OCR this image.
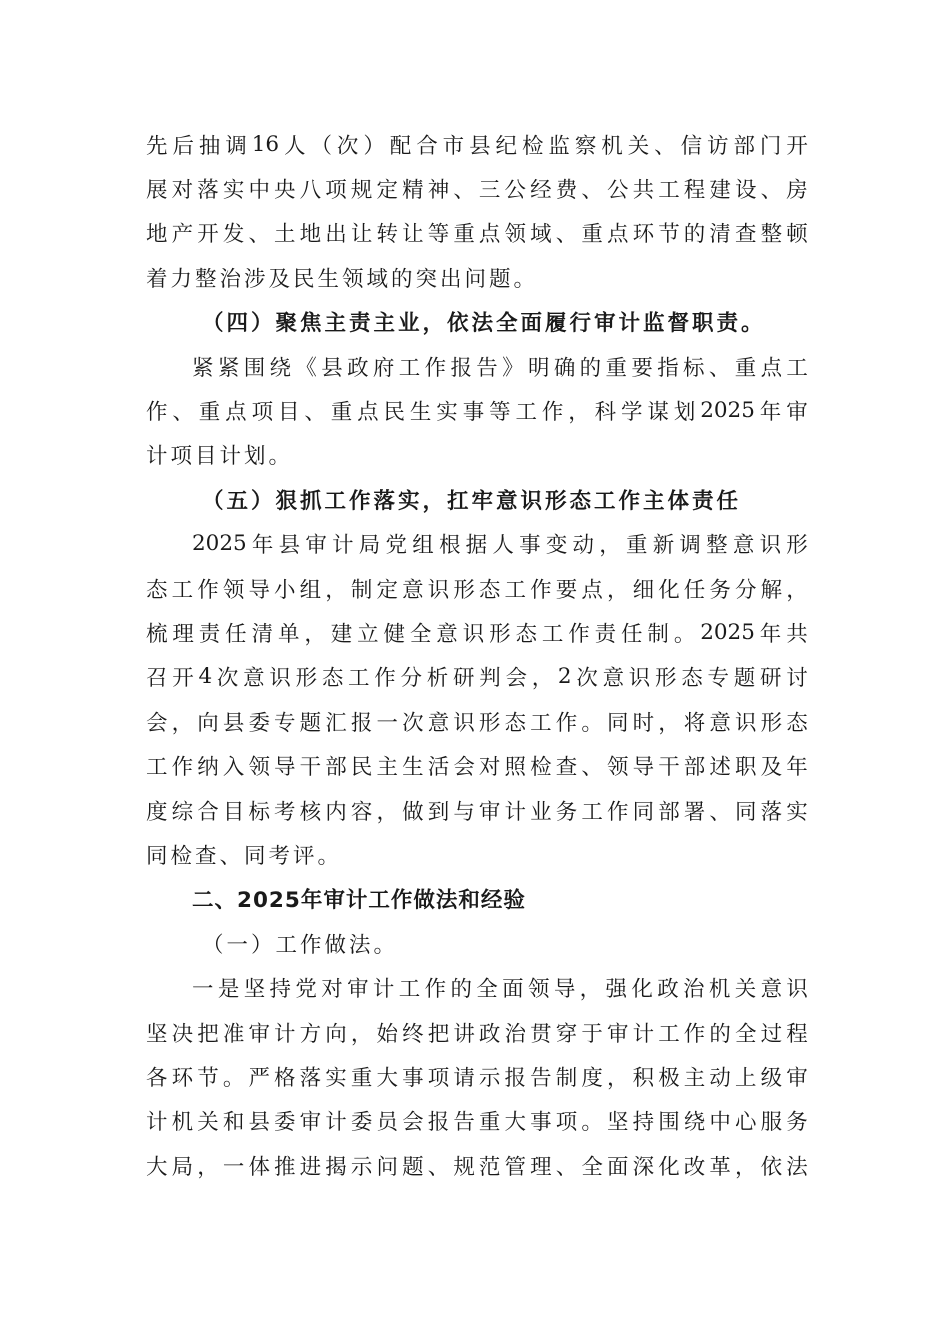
先 后 抽 调 16 人 （ 次 ） 配 合 市 县 纪 检 监 察 机 关 、 信 访 部 门 开
展 对 落 实 中 央 八 项 规 定 精 神 、 三 公 经 费 、 公 共 工 程 建 设 、 房
地 产 开 发 、 土 地 出 让 转 让 等 重 点 领 域 、 重 点 环 节 的 清 查 整 顿
着力整治涉及民生领域的突出问题。
（四）聚焦主责主业，依法全面履行审计监督职责。
紧 紧 围 绕 《 县 政 府 工 作 报 告 》 明 确 的 重 要 指 标 、 重 点 工
作 、 重 点 项 目 、 重 点 民 生 实 事 等 工 作 ， 科 学 谋 划 2025 年 审
计项目计划。
（五）狠抓工作落实，扛牢意识形态工作主体责任
2025 年 县 审 计 局 党 组 根 据 人 事 变 动 ， 重 新 调 整 意 识 形
态 工 作 领 导 小 组 ， 制 定 意 识 形 态 工 作 要 点 ， 细 化 任 务 分 解 ，
梳 理 责 任 清 单 ， 建 立 健 全 意 识 形 态 工 作 责 任 制 。 2025 年 共
召 开 4 次 意 识 形 态 工 作 分 析 研 判 会 ， 2 次 意 识 形 态 专 题 研 讨
会 ， 向 县 委 专 题 汇 报 一 次 意 识 形 态 工 作 。 同 时 ， 将 意 识 形 态
工 作 纳 入 领 导 干 部 民 主 生 活 会 对 照 检 查 、 领 导 干 部 述 职 及 年
度 综 合 目 标 考 核 内 容 ， 做 到 与 审 计 业 务 工 作 同 部 署 、 同 落 实
同检查、同考评。
二、2025年审计工作做法和经验
（一）工作做法。
一 是 坚 持 党 对 审 计 工 作 的 全 面 领 导 ， 强 化 政 治 机 关 意 识
坚 决 把 准 审 计 方 向 ， 始 终 把 讲 政 治 贯 穿 于 审 计 工 作 的 全 过 程
各 环 节 。 严 格 落 实 重 大 事 项 请 示 报 告 制 度 ， 积 极 主 动 上 级 审
计 机 关 和 县 委 审 计 委 员 会 报 告 重 大 事 项 。 坚 持 围 绕 中 心 服 务
大 局 ， 一 体 推 进 揭 示 问 题 、 规 范 管 理 、 全 面 深 化 改 革 ， 依 法
